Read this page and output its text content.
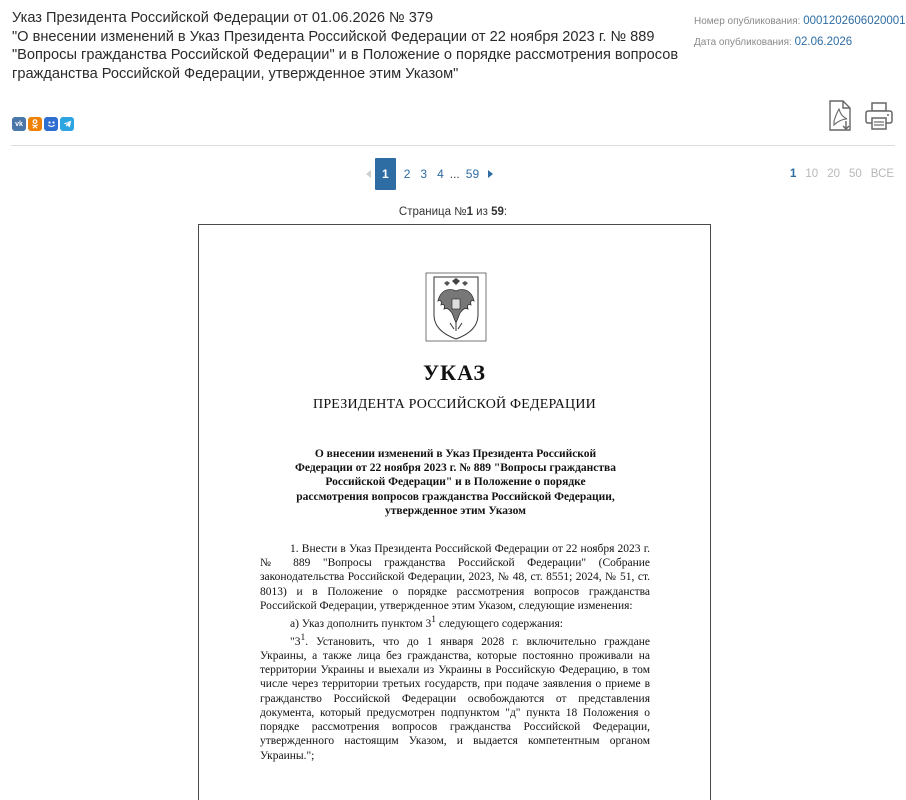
Указ Президента Российской Федерации от 01.06.2026 № 379
"О внесении изменений в Указ Президента Российской Федерации от 22 ноября 2023 г. № 889 "Вопросы гражданства Российской Федерации" и в Положение о порядке рассмотрения вопросов гражданства Российской Федерации, утвержденное этим Указом"
Номер опубликования: 0001202606020001
Дата опубликования: 02.06.2026
vk
1	2 3 4 ... 59	1 10 20 50 ВСЕ
Страница №1 из 59:
УКАЗ
ПРЕЗИДЕНТА РОССИЙСКОЙ ФЕДЕРАЦИИ
О внесении изменений в Указ Президента Российской Федерации от 22 ноября 2023 г. № 889 "Вопросы гражданства Российской Федерации" и в Положение о порядке рассмотрения вопросов гражданства Российской Федерации, утвержденное этим Указом

1. Внести в Указ Президента Российской Федерации от 22 ноября 2023 г. № 889 "Вопросы гражданства Российской Федерации" (Собрание законодательства Российской Федерации, 2023, № 48, ст. 8551; 2024, № 51, ст. 8013) и в Положение о порядке рассмотрения вопросов гражданства Российской Федерации, утвержденное этим Указом, следующие изменения:

а) Указ дополнить пунктом $3^1$ следующего содержания:

"$3^1$. Установить, что до 1 января 2028 г. включительно граждане Украины, а также лица без гражданства, которые постоянно проживали на территории Украины и выехали из Украины в Российскую Федерацию, в том числе через территории третьих государств, при подаче заявления о приеме в гражданство Российской Федерации освобождаются от представления документа, который предусмотрен подпунктом "д" пункта 18 Положения о порядке рассмотрения вопросов гражданства Российской Федерации, утвержденного настоящим Указом, и выдается компетентным органом Украины.";
